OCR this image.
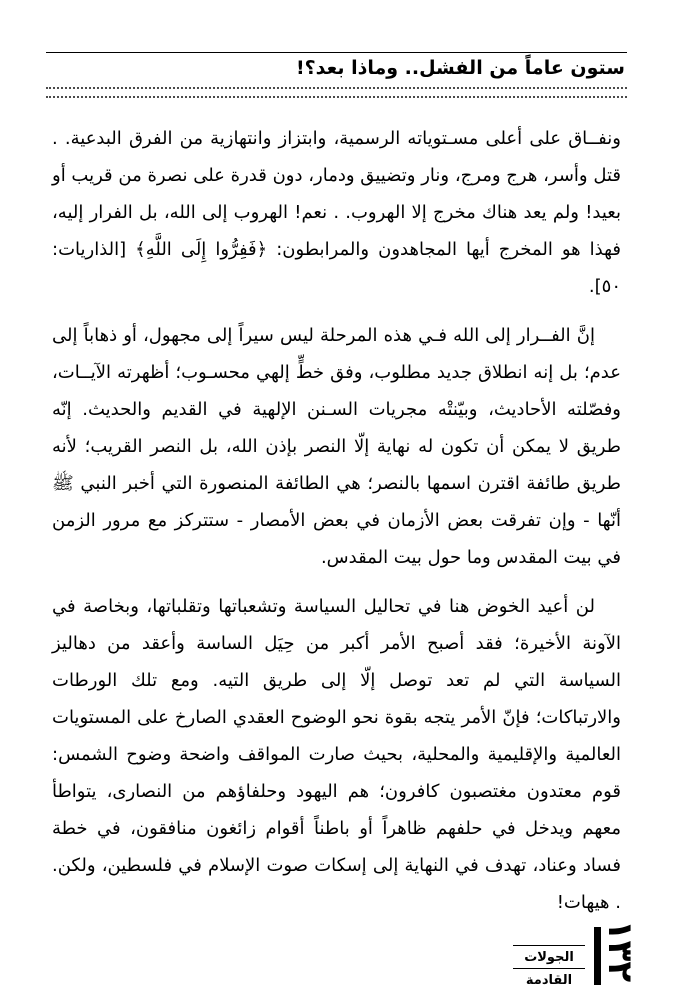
ستون عاماً من الفشل.. وماذا بعد؟!

ونفــاق على أعلى مسـتوياته الرسمية، وابتزاز وانتهازية من الفرق البدعية. . قتل وأسر، هرج ومرج، ونار وتضييق ودمار، دون قدرة على نصرة من قريب أو بعيد! ولم يعد هناك مخرج إلا الهروب. . نعم! الهروب إلى الله، بل الفرار إليه، فهذا هو المخرج أيها المجاهدون والمرابطون: ﴿فَفِرُّوا إِلَى اللَّهِ﴾ [الذاريات: ٥٠].

إنَّ الفــرار إلى الله فـي هذه المرحلة ليس سيراً إلى مجهول، أو ذهاباً إلى عدم؛ بل إنه انطلاق جديد مطلوب، وفق خطٍّ إلهي محسـوب؛ أظهرته الآيــات، وفصّلته الأحاديث، وبيّنتْه مجريات السـنن الإلهية في القديم والحديث. إنّه طريق لا يمكن أن تكون له نهاية إلّا النصر بإذن الله، بل النصر القريب؛ لأنه طريق طائفة اقترن اسمها بالنصر؛ هي الطائفة المنصورة التي أخبر النبي ﷺ أنّها - وإن تفرقت بعض الأزمان في بعض الأمصار - ستتركز مع مرور الزمن في بيت المقدس وما حول بيت المقدس.

لن أعيد الخوض هنا في تحاليل السياسة وتشعباتها وتقلباتها، وبخاصة في الآونة الأخيرة؛ فقد أصبح الأمر أكبر من حِيَل الساسة وأعقد من دهاليز السياسة التي لم تعد توصل إلّا إلى طريق التيه. ومع تلك الورطات والارتباكات؛ فإنّ الأمر يتجه بقوة نحو الوضوح العقدي الصارخ على المستويات العالمية والإقليمية والمحلية، بحيث صارت المواقف واضحة وضوح الشمس: قوم معتدون مغتصبون كافرون؛ هم اليهود وحلفاؤهم من النصارى، يتواطأ معهم ويدخل في حلفهم ظاهراً أو باطناً أقوام زائغون منافقون، في خطة فساد وعناد، تهدف في النهاية إلى إسكات صوت الإسلام في فلسطين، ولكن. . هيهات!

الجولات
القادمة ١٣٢
